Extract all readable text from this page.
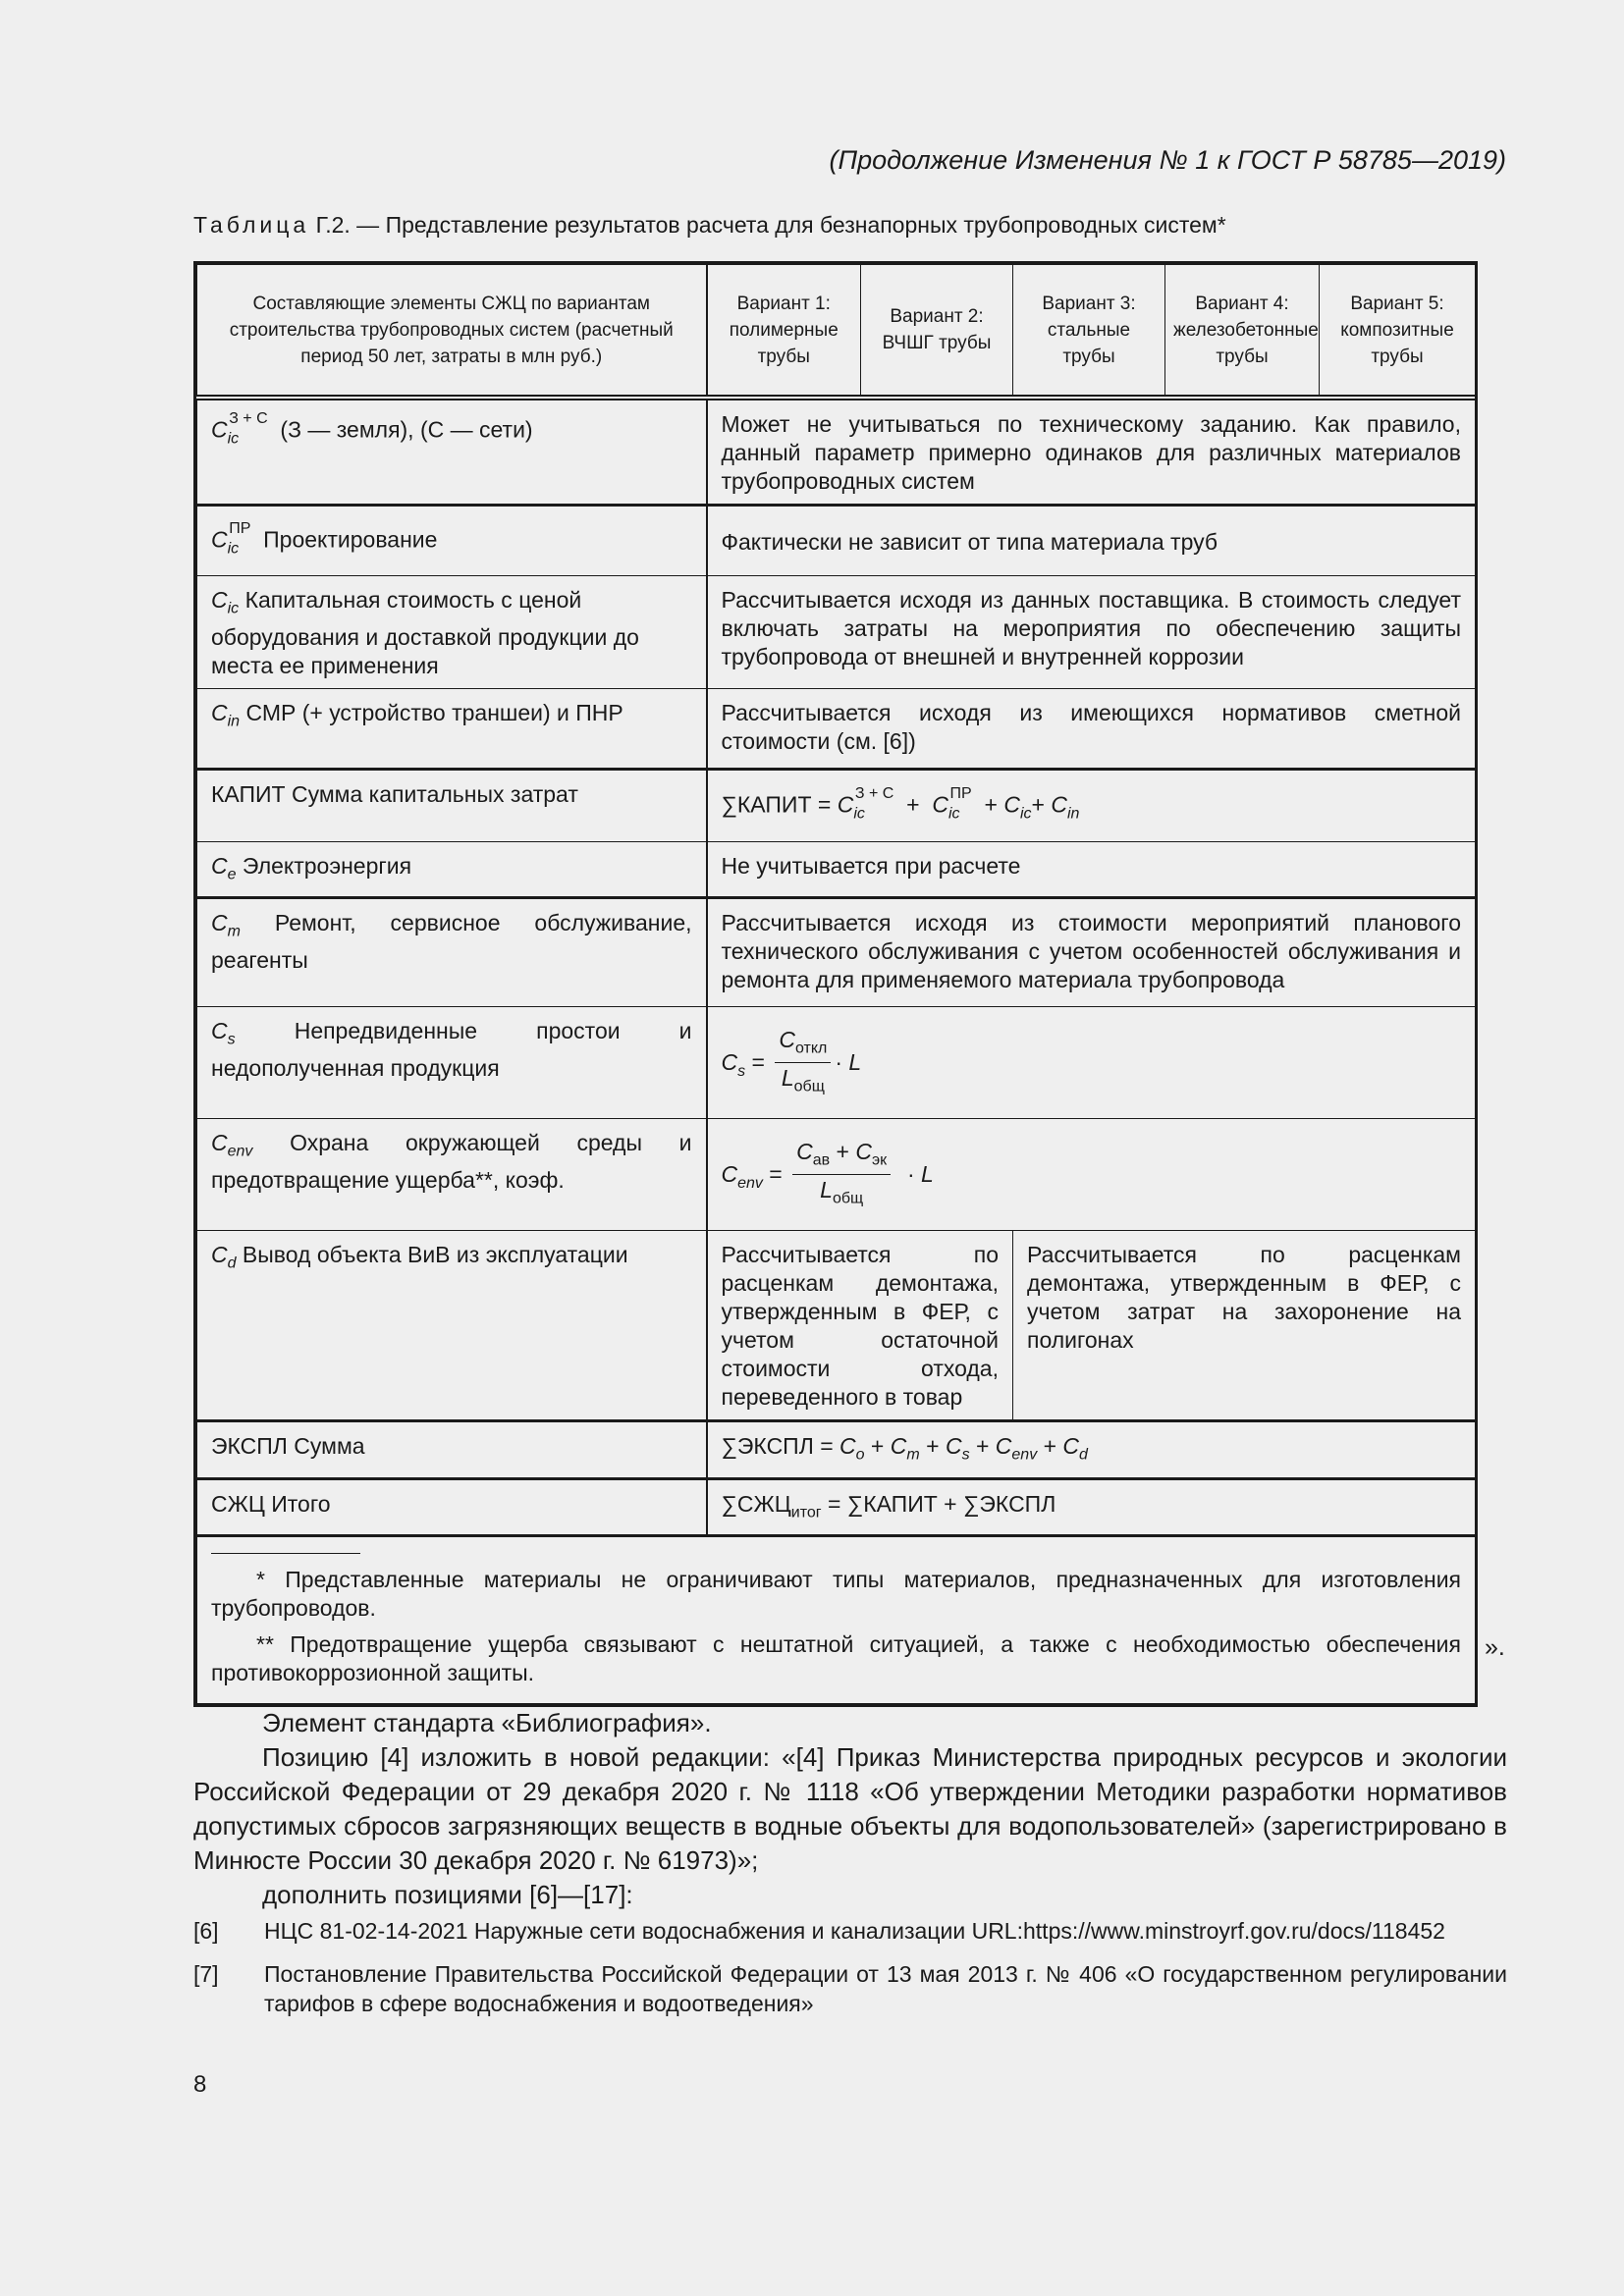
(Продолжение Изменения № 1 к ГОСТ Р 58785—2019)
Таблица Г.2. — Представление результатов расчета для безнапорных трубопроводных систем*
Составляющие элементы СЖЦ по вариантам строительства трубопроводных систем (расчетный период 50 лет, затраты в млн руб.)	Вариант 1: полимерные трубы	Вариант 2: ВЧШГ трубы	Вариант 3: стальные трубы	Вариант 4: железобетонные трубы	Вариант 5: композитные трубы
$C_{ic}^{З + С}$ (З — земля), (С — сети)	Может не учитываться по техническому заданию. Как правило, данный параметр примерно одинаков для различных материалов трубопроводных систем				
$C_{ic}^{ПР}$ Проектирование	Фактически не зависит от типа материала труб				
$C_{ic}$ Капитальная стоимость с ценой оборудования и доставкой продукции до места ее применения	Рассчитывается исходя из данных поставщика. В стоимость следует включать затраты на мероприятия по обеспечению защиты трубопровода от внешней и внутренней коррозии				
$C_{in}$ СМР (+ устройство траншеи) и ПНР	Рассчитывается исходя из имеющихся нормативов сметной стоимости (см. [6])				
КАПИТ Сумма капитальных затрат	∑КАПИТ = $C_{ic}^{З + С} + C_{ic}^{ПР} + C_{ic}+ C_{in}$
$C_e$ Электроэнергия	Не учитывается при расчете				
$C_m$ Ремонт, сервисное обслуживание, реагенты	Рассчитывается исходя из стоимости мероприятий планового технического обслуживания с учетом особенностей обслуживания и ремонта для применяемого материала трубопровода				
$C_s$ Непредвиденные простои и недополученная продукция	$C_s = \frac{C_{откл}}{L_{общ}} \cdot L$				
$C_{env}$ Охрана окружающей среды и предотвращение ущерба**, коэф.	$C_{env} = \frac{C_{ав} + C_{эк}}{L_{общ}} \cdot L$				
$C_d$ Вывод объекта ВиВ из эксплуатации	Рассчитывается по расценкам демонтажа, утвержденным в ФЕР, с учетом остаточной стоимости отхода, переведенного в товар		Рассчитывается по расценкам демонтажа, утвержденным в ФЕР, с учетом затрат на захоронение на полигонах		
ЭКСПЛ Сумма	∑ЭКСПЛ = $C_o + C_m + C_s + C_{env} + C_d$
СЖЦ Итого	$\sum СЖЦ_{итог}$ = ∑КАПИТ + ∑ЭКСПЛ				

* Представленные материалы не ограничивают типы материалов, предназначенных для изготовления трубопроводов.

** Предотвращение ущерба связывают с нештатной ситуацией, а также с необходимостью обеспечения противокоррозионной защиты.					

».

Элемент стандарта «Библиография».

Позицию [4] изложить в новой редакции: «[4] Приказ Министерства природных ресурсов и экологии Российской Федерации от 29 декабря 2020 г. № 1118 «Об утверждении Методики разработки нормативов допустимых сбросов загрязняющих веществ в водные объекты для водопользователей» (зарегистрировано в Минюсте России 30 декабря 2020 г. № 61973)»;

дополнить позициями [6]—[17]:

[6]	НЦС 81-02-14-2021 Наружные сети водоснабжения и канализации URL:https://www.minstroyrf.gov.ru/docs/118452
[7]	Постановление Правительства Российской Федерации от 13 мая 2013 г. № 406 «О государственном регулировании тарифов в сфере водоснабжения и водоотведения»
8
